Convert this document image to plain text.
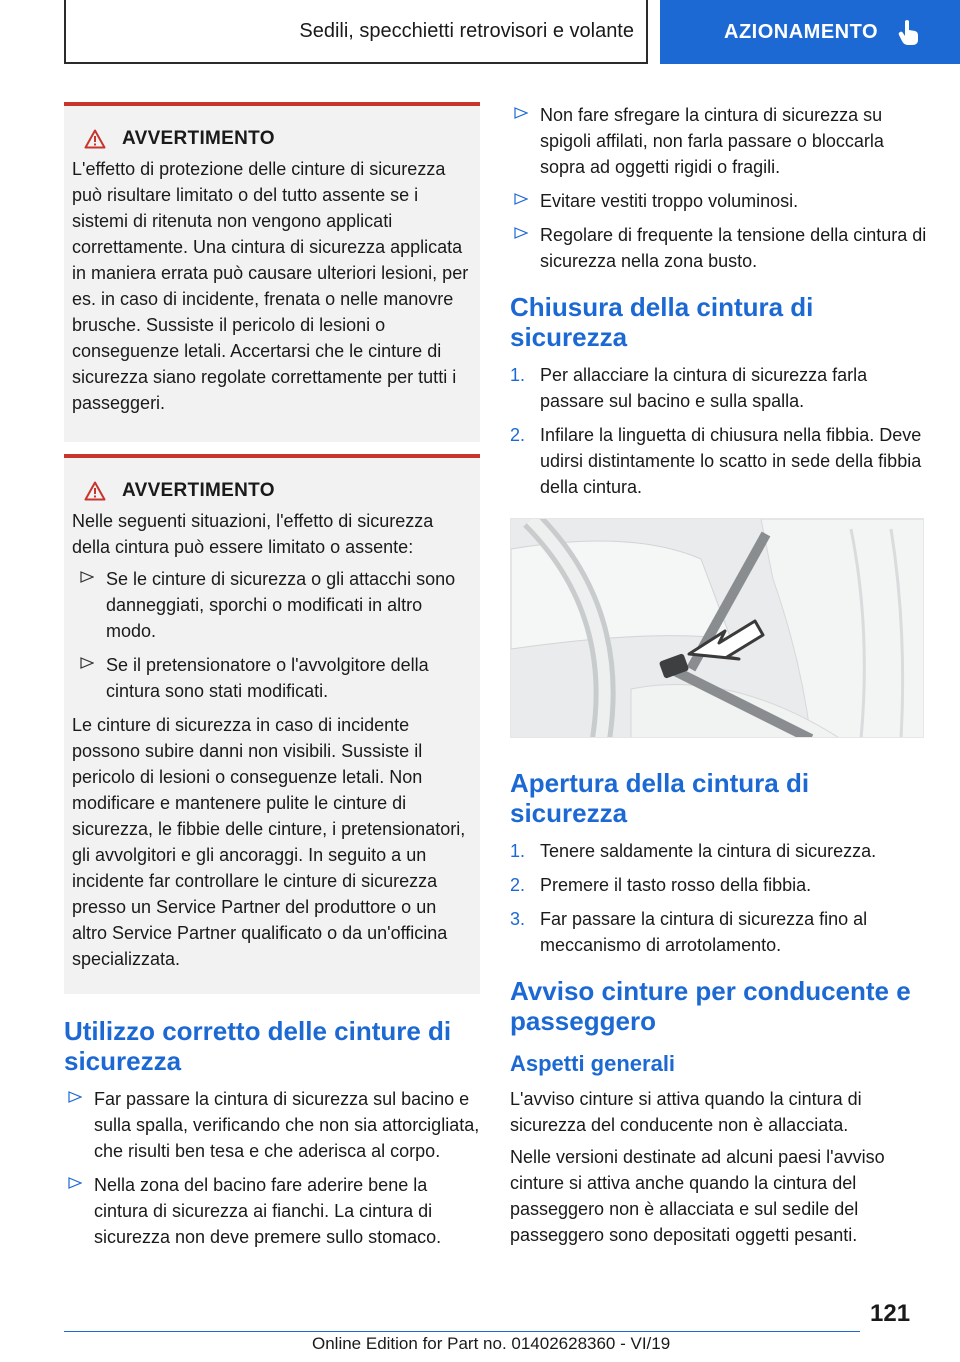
Sedili, specchietti retrovisori e volante	AZIONAMENTO
AVVERTIMENTO

L'effetto di protezione delle cinture di sicurezza può risultare limitato o del tutto assente se i sistemi di ritenuta non vengono applicati correttamente. Una cintura di sicurezza applicata in maniera errata può causare ulteriori lesioni, per es. in caso di incidente, frenata o nelle manovre brusche. Sussiste il pericolo di lesioni o conseguenze letali. Accertarsi che le cinture di sicurezza siano regolate correttamente per tutti i passeggeri.

AVVERTIMENTO

Nelle seguenti situazioni, l'effetto di sicurezza della cintura può essere limitato o assente:

Se le cinture di sicurezza o gli attacchi sono danneggiati, sporchi o modificati in altro modo.
Se il pretensionatore o l'avvolgitore della cintura sono stati modificati.

Le cinture di sicurezza in caso di incidente possono subire danni non visibili. Sussiste il pericolo di lesioni o conseguenze letali. Non modificare e mantenere pulite le cinture di sicurezza, le fibbie delle cinture, i pretensionatori, gli avvolgitori e gli ancoraggi. In seguito a un incidente far controllare le cinture di sicurezza presso un Service Partner del produttore o un altro Service Partner qualificato o da un'officina specializzata.

Utilizzo corretto delle cinture di sicurezza
Far passare la cintura di sicurezza sul bacino e sulla spalla, verificando che non sia attorcigliata, che risulti ben tesa e che aderisca al corpo.
Nella zona del bacino fare aderire bene la cintura di sicurezza ai fianchi. La cintura di sicurezza non deve premere sullo stomaco.
Non fare sfregare la cintura di sicurezza su spigoli affilati, non farla passare o bloccarla sopra ad oggetti rigidi o fragili.
Evitare vestiti troppo voluminosi.
Regolare di frequente la tensione della cintura di sicurezza nella zona busto.
Chiusura della cintura di sicurezza
1. Per allacciare la cintura di sicurezza farla passare sul bacino e sulla spalla.
2. Infilare la linguetta di chiusura nella fibbia. Deve udirsi distintamente lo scatto in sede della fibbia della cintura.
Apertura della cintura di sicurezza
1. Tenere saldamente la cintura di sicurezza.
2. Premere il tasto rosso della fibbia.
3. Far passare la cintura di sicurezza fino al meccanismo di arrotolamento.
Avviso cinture per conducente e passeggero
Aspetti generali

L'avviso cinture si attiva quando la cintura di sicurezza del conducente non è allacciata.

Nelle versioni destinate ad alcuni paesi l'avviso cinture si attiva anche quando la cintura del passeggero non è allacciata e sul sedile del passeggero sono depositati oggetti pesanti.

121
Online Edition for Part no. 01402628360 - VI/19
